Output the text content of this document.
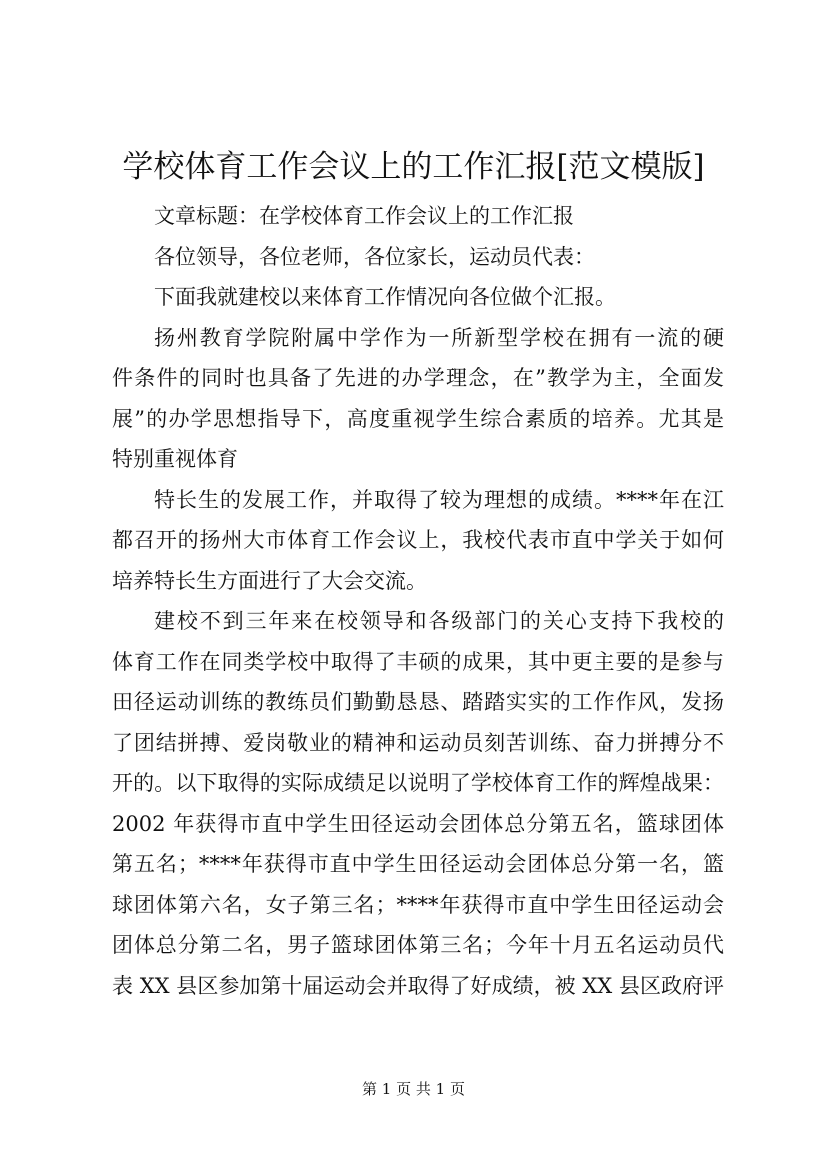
学校体育工作会议上的工作汇报[范文模版]
文章标题：在学校体育工作会议上的工作汇报
各位领导，各位老师，各位家长，运动员代表：
下面我就建校以来体育工作情况向各位做个汇报。
扬州教育学院附属中学作为一所新型学校在拥有一流的硬
件条件的同时也具备了先进的办学理念，在”教学为主，全面发
展”的办学思想指导下，高度重视学生综合素质的培养。尤其是
特别重视体育
特长生的发展工作，并取得了较为理想的成绩。****年在江
都召开的扬州大市体育工作会议上，我校代表市直中学关于如何
培养特长生方面进行了大会交流。
建校不到三年来在校领导和各级部门的关心支持下我校的
体育工作在同类学校中取得了丰硕的成果，其中更主要的是参与
田径运动训练的教练员们勤勤恳恳、踏踏实实的工作作风，发扬
了团结拼搏、爱岗敬业的精神和运动员刻苦训练、奋力拼搏分不
开的。以下取得的实际成绩足以说明了学校体育工作的辉煌战果：
2002 年获得市直中学生田径运动会团体总分第五名，篮球团体
第五名；****年获得市直中学生田径运动会团体总分第一名，篮
球团体第六名，女子第三名；****年获得市直中学生田径运动会
团体总分第二名，男子篮球团体第三名；今年十月五名运动员代
表 XX 县区参加第十届运动会并取得了好成绩，被 XX 县区政府评
第 1 页 共 1 页
